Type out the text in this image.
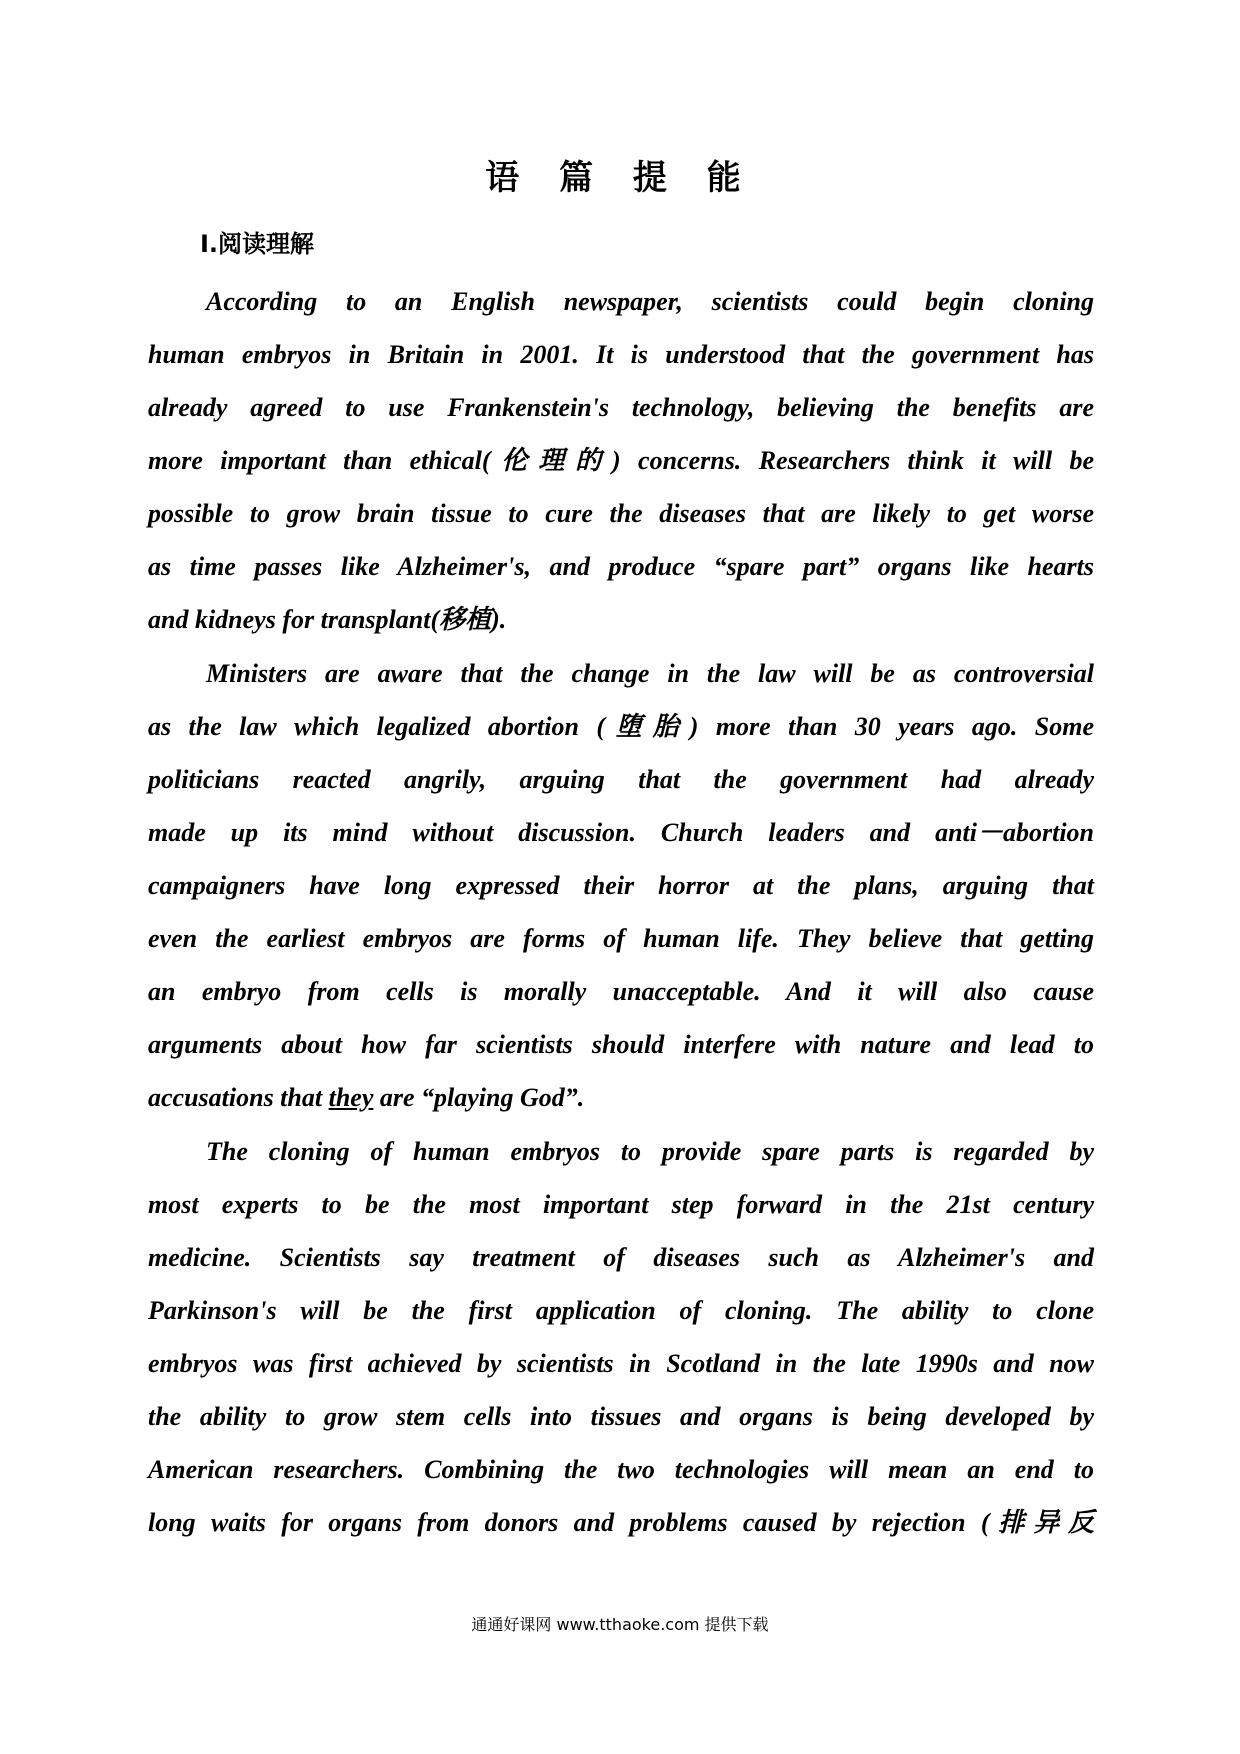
语 篇 提 能
Ⅰ.阅读理解
According to an English newspaper, scientists could begin cloning
human embryos in Britain in 2001. It is understood that the government has
already agreed to use Frankenstein's technology, believing the benefits are
more important than ethical(伦理的) concerns. Researchers think it will be
possible to grow brain tissue to cure the diseases that are likely to get worse
as time passes like Alzheimer's, and produce “spare part” organs like hearts
and kidneys for transplant(移植).
Ministers are aware that the change in the law will be as controversial
as the law which legalized abortion (堕胎) more than 30 years ago. Some
politicians reacted angrily, arguing that the government had already
made up its mind without discussion. Church leaders and anti－abortion
campaigners have long expressed their horror at the plans, arguing that
even the earliest embryos are forms of human life. They believe that getting
an embryo from cells is morally unacceptable. And it will also cause
arguments about how far scientists should interfere with nature and lead to
accusations that they are “playing God”.
The cloning of human embryos to provide spare parts is regarded by
most experts to be the most important step forward in the 21st century
medicine. Scientists say treatment of diseases such as Alzheimer's and
Parkinson's will be the first application of cloning. The ability to clone
embryos was first achieved by scientists in Scotland in the late 1990s and now
the ability to grow stem cells into tissues and organs is being developed by
American researchers. Combining the two technologies will mean an end to
long waits for organs from donors and problems caused by rejection (排异反
通通好课网 www.tthaoke.com 提供下载
